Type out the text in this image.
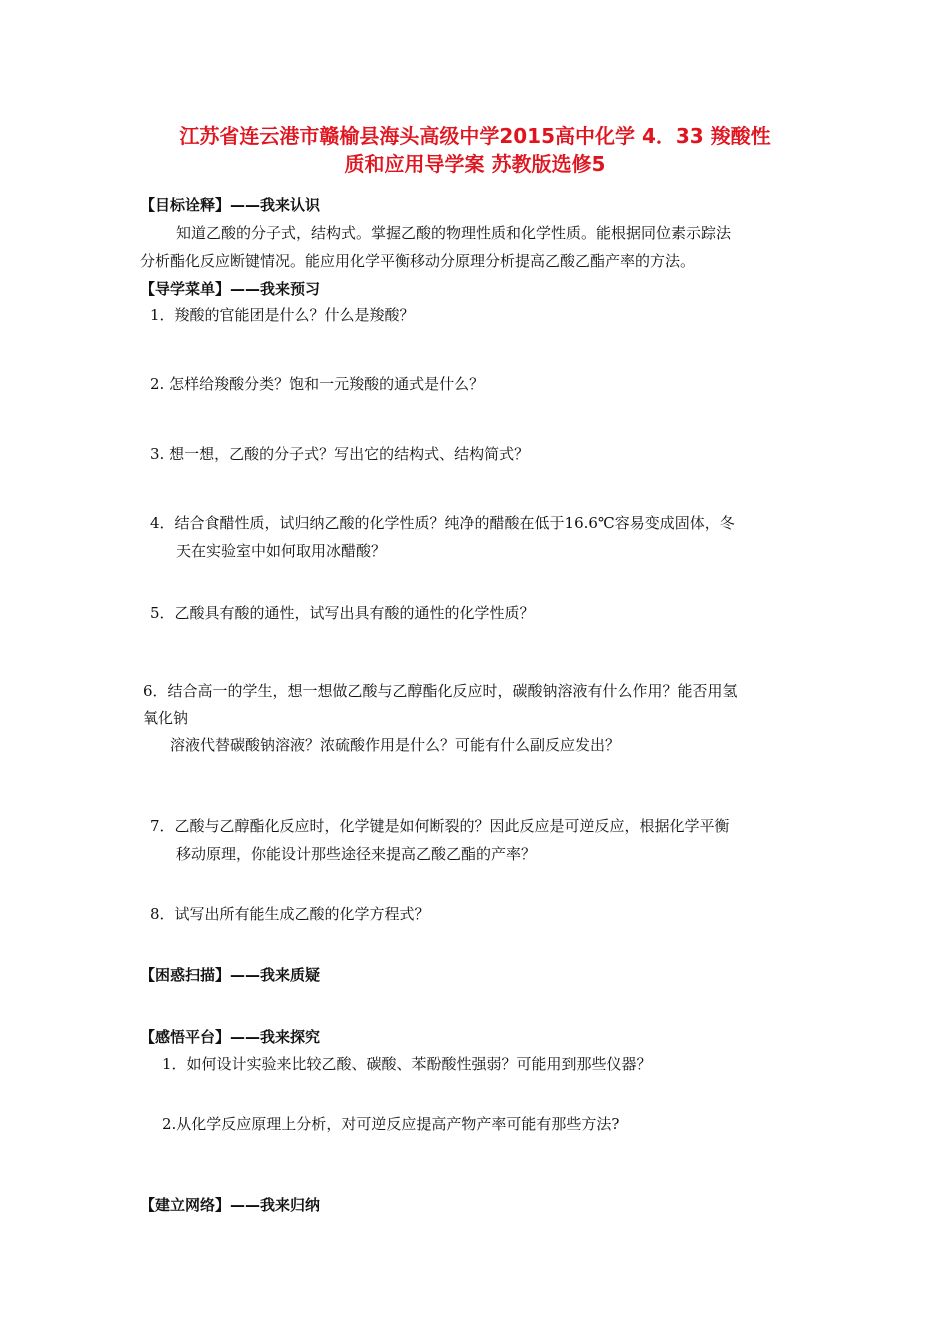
江苏省连云港市赣榆县海头高级中学2015高中化学 4．33 羧酸性
质和应用导学案 苏教版选修5
【目标诠释】——我来认识
知道乙酸的分子式，结构式。掌握乙酸的物理性质和化学性质。能根据同位素示踪法
分析酯化反应断键情况。能应用化学平衡移动分原理分析提高乙酸乙酯产率的方法。
【导学菜单】——我来预习
1．羧酸的官能团是什么？什么是羧酸？
2. 怎样给羧酸分类？饱和一元羧酸的通式是什么？
3. 想一想，乙酸的分子式？写出它的结构式、结构简式？
4．结合食醋性质，试归纳乙酸的化学性质？纯净的醋酸在低于16.6℃容易变成固体，冬
天在实验室中如何取用冰醋酸？
5．乙酸具有酸的通性，试写出具有酸的通性的化学性质？
6．结合高一的学生，想一想做乙酸与乙醇酯化反应时，碳酸钠溶液有什么作用？能否用氢
氧化钠
溶液代替碳酸钠溶液？浓硫酸作用是什么？可能有什么副反应发出？
7．乙酸与乙醇酯化反应时，化学键是如何断裂的？因此反应是可逆反应，根据化学平衡
移动原理，你能设计那些途径来提高乙酸乙酯的产率？
8．试写出所有能生成乙酸的化学方程式？
【困惑扫描】——我来质疑
【感悟平台】——我来探究
1．如何设计实验来比较乙酸、碳酸、苯酚酸性强弱？可能用到那些仪器？
2.从化学反应原理上分析，对可逆反应提高产物产率可能有那些方法?
【建立网络】——我来归纳
